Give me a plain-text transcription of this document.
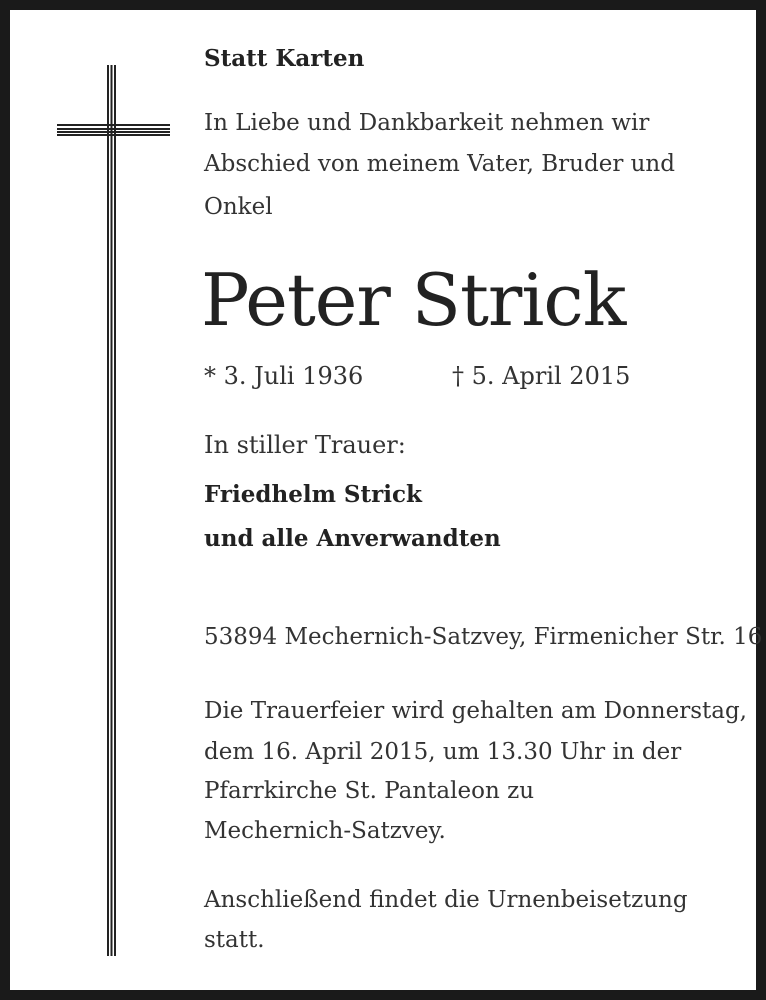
Statt Karten

In Liebe und Dankbarkeit nehmen wir

Abschied von meinem Vater, Bruder und

Onkel

Peter Strick

* 3. Juli 1936	† 5. April 2015

In stiller Trauer:

Friedhelm Strick

und alle Anverwandten

53894 Mechernich-Satzvey, Firmenicher Str. 16

Die Trauerfeier wird gehalten am Donnerstag,

dem 16. April 2015, um 13.30 Uhr in der

Pfarrkirche St. Pantaleon zu

Mechernich-Satzvey.

Anschließend findet die Urnenbeisetzung

statt.
